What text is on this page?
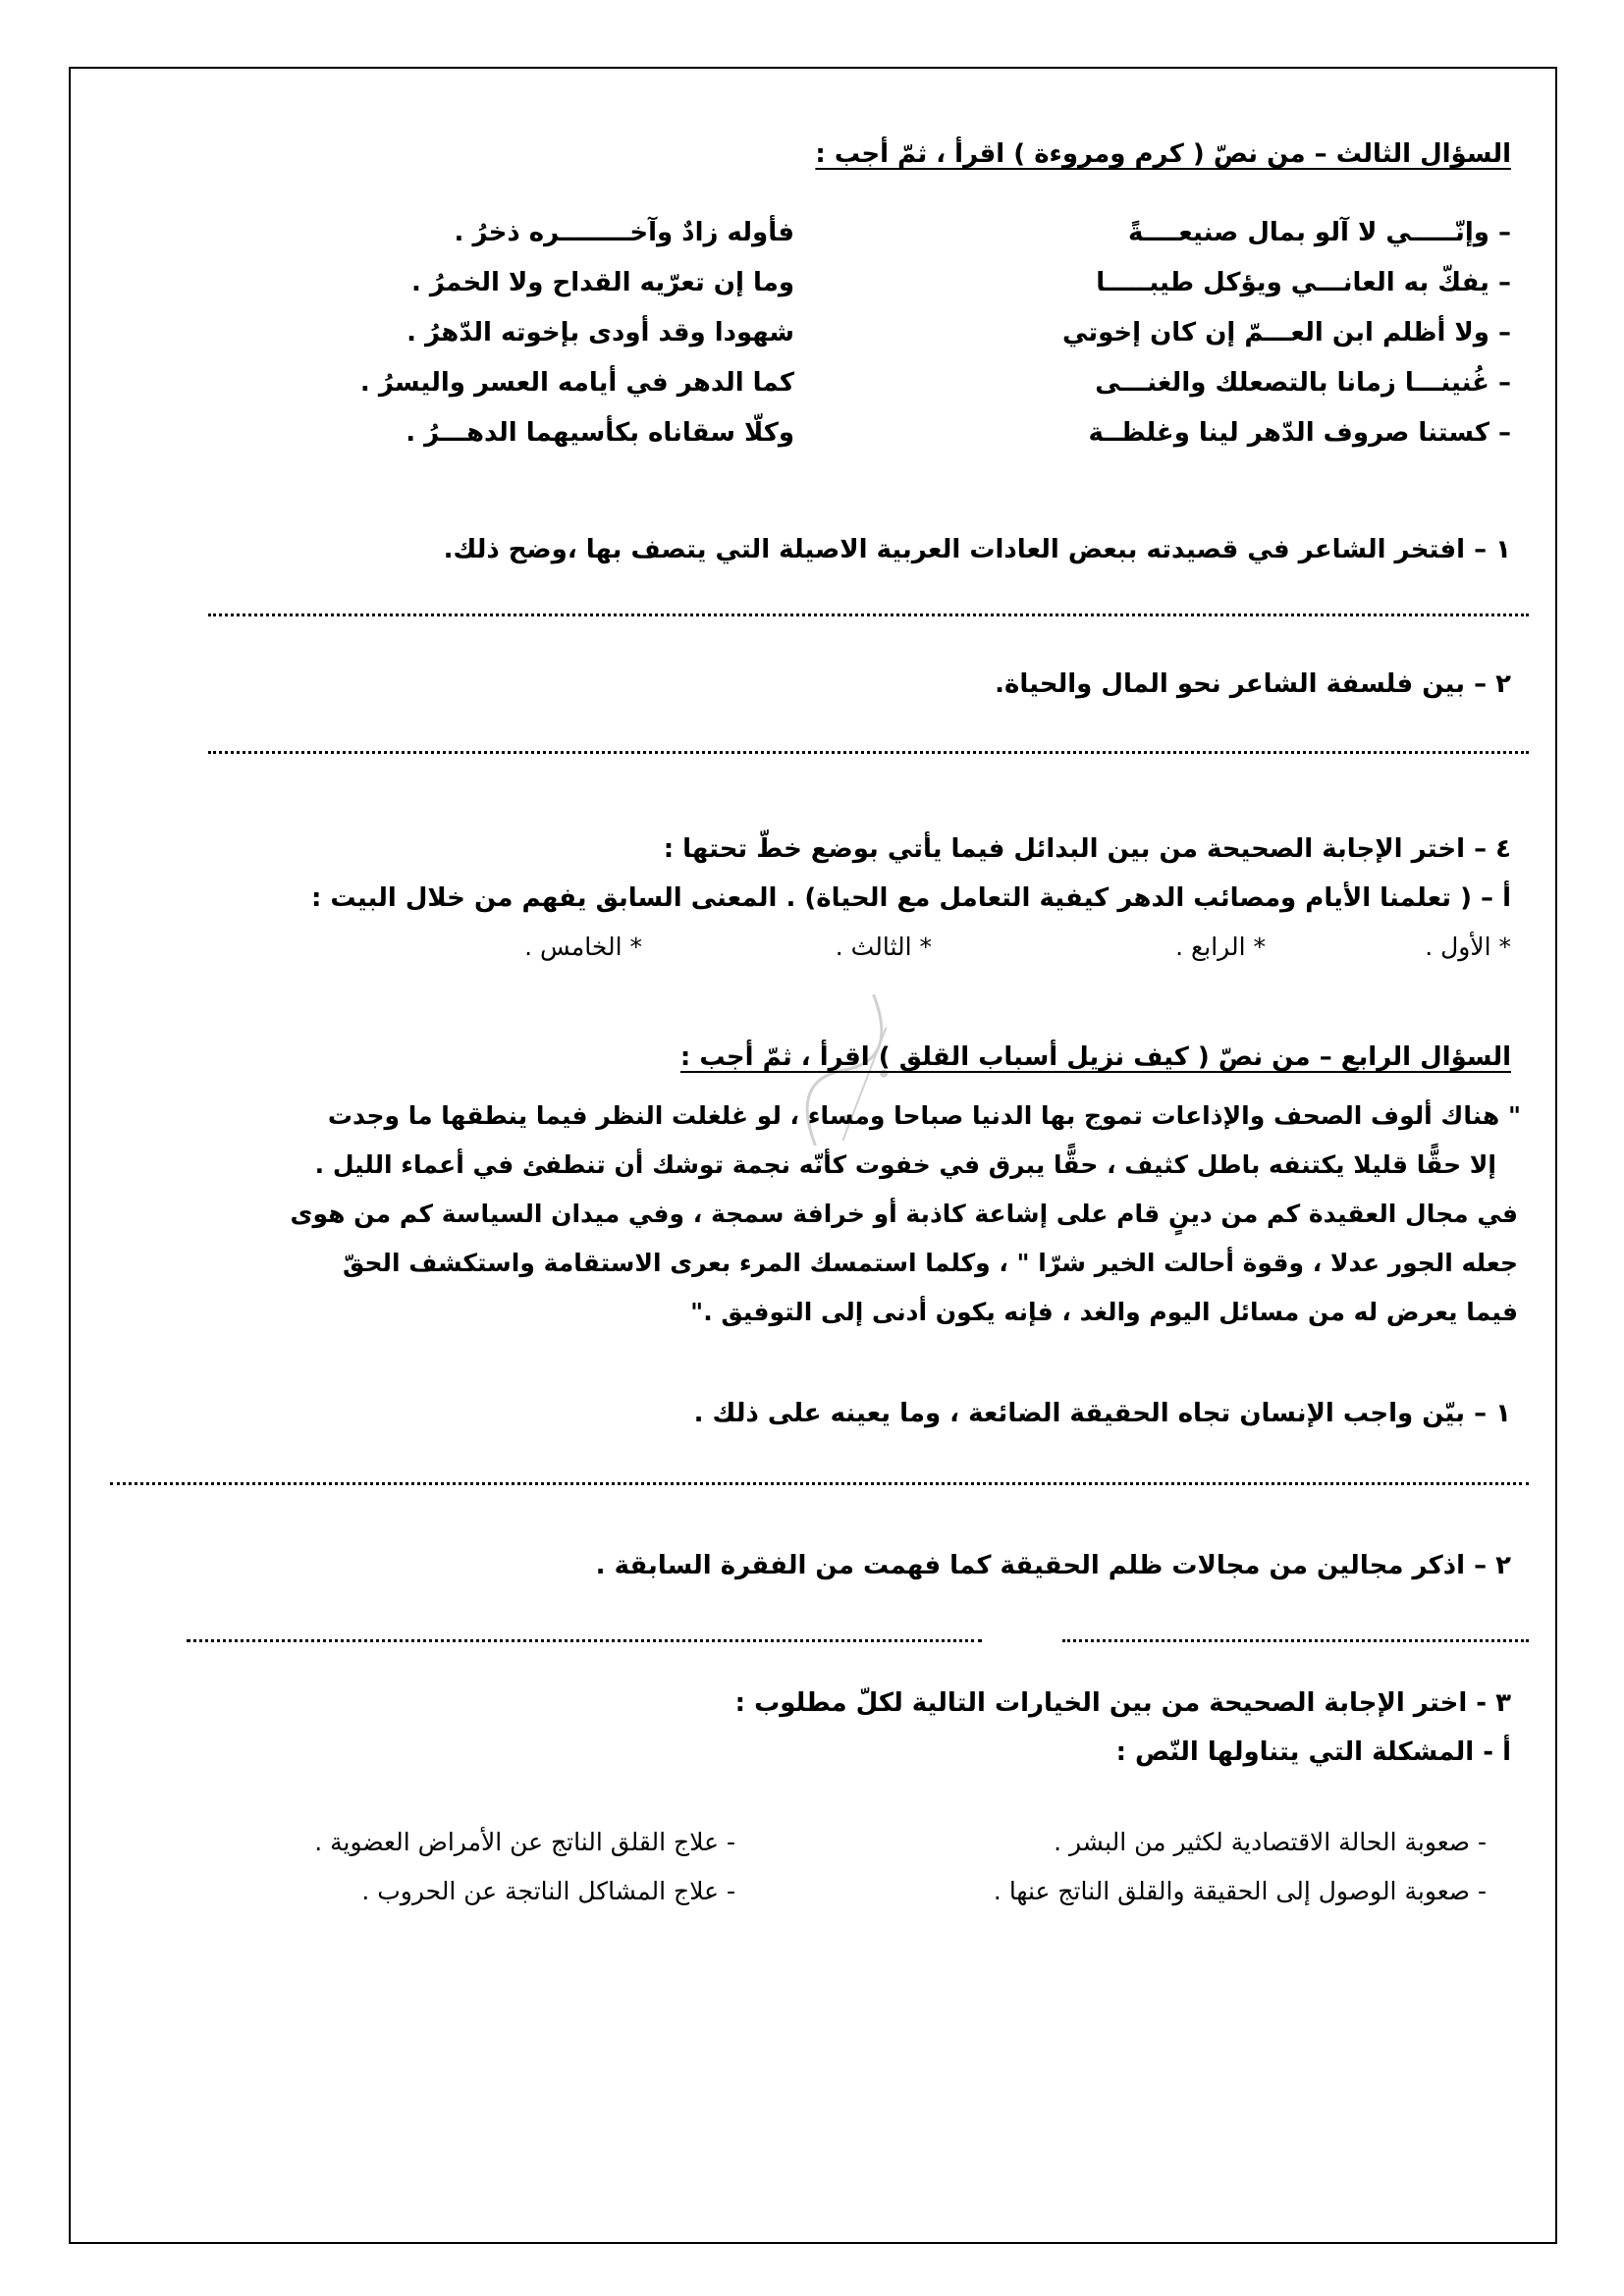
السؤال الثالث – من نصّ ( كرم ومروءة ) اقرأ ، ثمّ أجب :
– وإنّـــــي لا آلو بمال صنيعــــةً
فأوله زادٌ وآخــــــــره ذخرُ .
– يفكّ به العانـــي ويؤكل طيبـــــا
وما إن تعرّيه القداح ولا الخمرُ .
– ولا أظلم ابن العـــمّ إن كان إخوتي
شهودا وقد أودى بإخوته الدّهرُ .
– غُنينـــا زمانا بالتصعلك والغنـــى
كما الدهر في أيامه العسر واليسرُ .
– كستنا صروف الدّهر لينا وغلظــة
وكلّا سقاناه بكأسيهما الدهـــرُ .
١ – افتخر الشاعر في قصيدته ببعض العادات العربية الاصيلة التي يتصف بها ،وضح ذلك.
٢ – بين فلسفة الشاعر نحو المال والحياة.
٤ – اختر الإجابة الصحيحة من بين البدائل فيما يأتي بوضع خطّ تحتها :
أ – ( تعلمنا الأيام ومصائب الدهر كيفية التعامل مع الحياة) . المعنى السابق يفهم من خلال البيت :
* الأول .
* الرابع .
* الثالث .
* الخامس .
السؤال الرابع – من نصّ ( كيف نزيل أسباب القلق ) اقرأ ، ثمّ أجب :
" هناك ألوف الصحف والإذاعات تموج بها الدنيا صباحا ومساء ، لو غلغلت النظر فيما ينطقها ما وجدت
إلا حقًّا قليلا يكتنفه باطل كثيف ، حقًّا يبرق في خفوت كأنّه نجمة توشك أن تنطفئ في أعماء الليل .
في مجال العقيدة كم من دينٍ قام على إشاعة كاذبة أو خرافة سمجة ، وفي ميدان السياسة كم من هوى
جعله الجور عدلا ، وقوة أحالت الخير شرّا " ، وكلما استمسك المرء بعرى الاستقامة واستكشف الحقّ
فيما يعرض له من مسائل اليوم والغد ، فإنه يكون أدنى إلى التوفيق ."
١ – بيّن واجب الإنسان تجاه الحقيقة الضائعة ، وما يعينه على ذلك .
٢ – اذكر مجالين من مجالات ظلم الحقيقة كما فهمت من الفقرة السابقة .
٣ - اختر الإجابة الصحيحة من بين الخيارات التالية لكلّ مطلوب :
أ - المشكلة التي يتناولها النّص :
- صعوبة الحالة الاقتصادية لكثير من البشر .
- علاج القلق الناتج عن الأمراض العضوية .
- صعوبة الوصول إلى الحقيقة والقلق الناتج عنها .
- علاج المشاكل الناتجة عن الحروب .
